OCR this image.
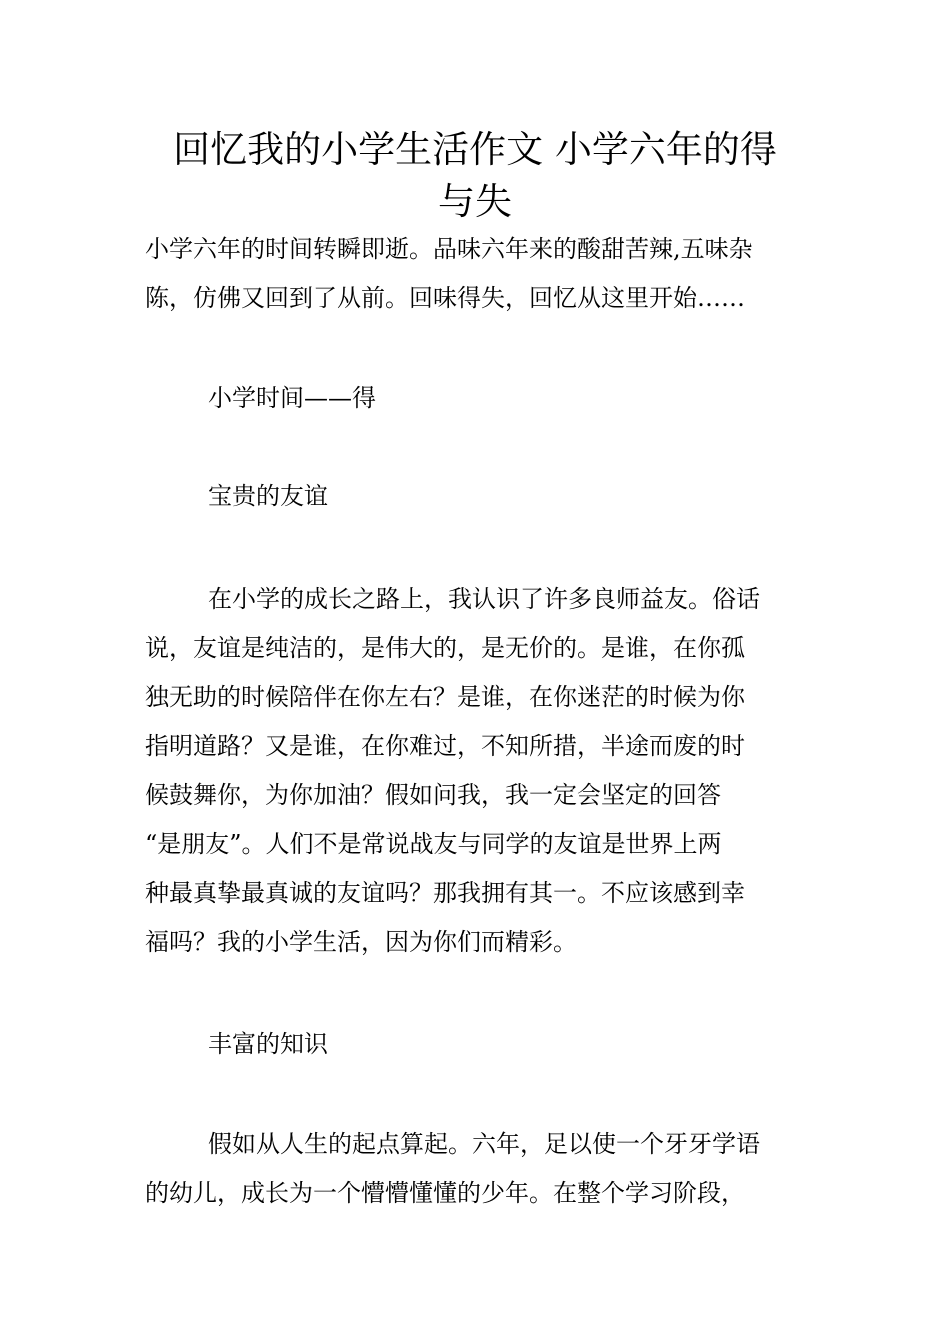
回忆我的小学生活作文 小学六年的得
与失
小学六年的时间转瞬即逝。品味六年来的酸甜苦辣,五味杂
陈，仿佛又回到了从前。回味得失，回忆从这里开始……
小学时间——得
宝贵的友谊
在小学的成长之路上，我认识了许多良师益友。俗话
说，友谊是纯洁的，是伟大的，是无价的。是谁，在你孤
独无助的时候陪伴在你左右？是谁，在你迷茫的时候为你
指明道路？又是谁，在你难过，不知所措，半途而废的时
候鼓舞你，为你加油？假如问我，我一定会坚定的回答
“是朋友”。人们不是常说战友与同学的友谊是世界上两
种最真挚最真诚的友谊吗？那我拥有其一。不应该感到幸
福吗？我的小学生活，因为你们而精彩。
丰富的知识
假如从人生的起点算起。六年，足以使一个牙牙学语
的幼儿，成长为一个懵懵懂懂的少年。在整个学习阶段，
